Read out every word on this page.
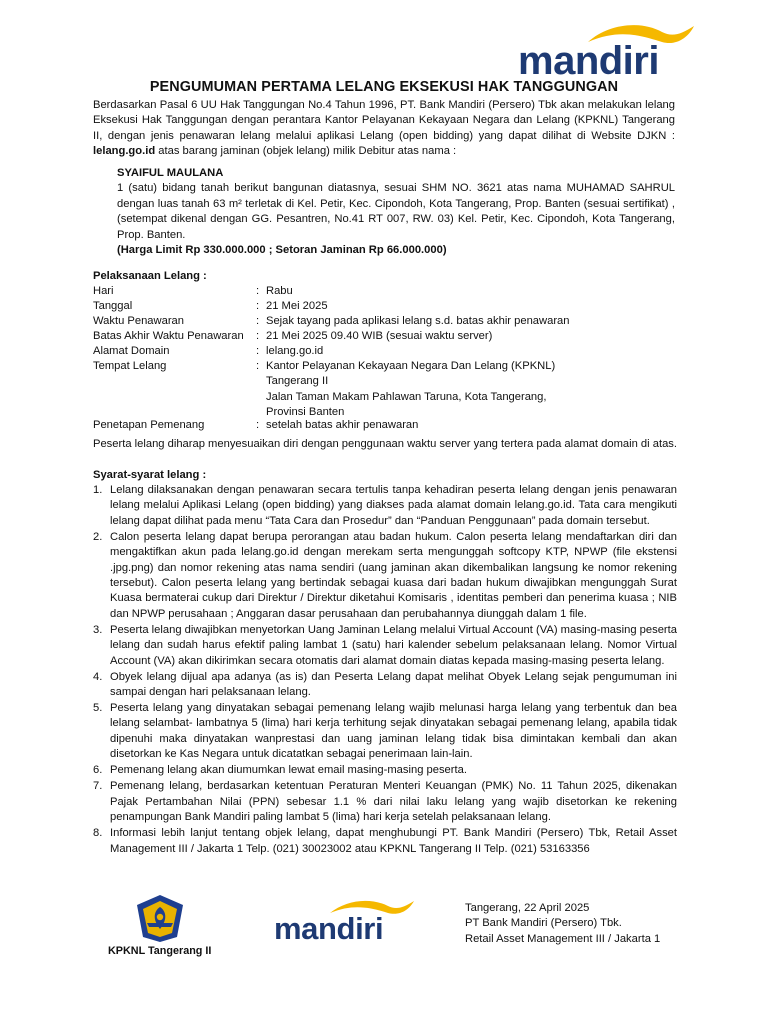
mandiri
PENGUMUMAN PERTAMA LELANG EKSEKUSI HAK TANGGUNGAN

Berdasarkan Pasal 6 UU Hak Tanggungan No.4 Tahun 1996, PT. Bank Mandiri (Persero) Tbk akan melakukan lelang Eksekusi Hak Tanggungan dengan perantara Kantor Pelayanan Kekayaan Negara dan Lelang (KPKNL) Tangerang II, dengan jenis penawaran lelang melalui aplikasi Lelang (open bidding) yang dapat dilihat di Website DJKN : lelang.go.id atas barang jaminan (objek lelang) milik Debitur atas nama :

SYAIFUL MAULANA
1 (satu) bidang tanah berikut bangunan diatasnya, sesuai SHM NO. 3621 atas nama MUHAMAD SAHRUL dengan luas tanah 63 m² terletak di Kel. Petir, Kec. Cipondoh, Kota Tangerang, Prop. Banten (sesuai sertifikat) , (setempat dikenal dengan GG. Pesantren, No.41 RT 007, RW. 03) Kel. Petir, Kec. Cipondoh, Kota Tangerang, Prop. Banten.
(Harga Limit Rp 330.000.000 ; Setoran Jaminan Rp 66.000.000)
Pelaksanaan Lelang :
Hari	: Rabu
Tanggal	: 21 Mei 2025
Waktu Penawaran	: Sejak tayang pada aplikasi lelang s.d. batas akhir penawaran
Batas Akhir Waktu Penawaran	: 21 Mei 2025 09.40 WIB (sesuai waktu server)
Alamat Domain	: lelang.go.id
Tempat Lelang	: Kantor Pelayanan Kekayaan Negara Dan Lelang (KPKNL)
Tangerang II
Jalan Taman Makam Pahlawan Taruna, Kota Tangerang,
Provinsi Banten
Penetapan Pemenang	: setelah batas akhir penawaran

Peserta lelang diharap menyesuaikan diri dengan penggunaan waktu server yang tertera pada alamat domain di atas.

Syarat-syarat lelang :
1. Lelang dilaksanakan dengan penawaran secara tertulis tanpa kehadiran peserta lelang dengan jenis penawaran lelang melalui Aplikasi Lelang (open bidding) yang diakses pada alamat domain lelang.go.id. Tata cara mengikuti lelang dapat dilihat pada menu “Tata Cara dan Prosedur” dan “Panduan Penggunaan” pada domain tersebut.
2. Calon peserta lelang dapat berupa perorangan atau badan hukum. Calon peserta lelang mendaftarkan diri dan mengaktifkan akun pada lelang.go.id dengan merekam serta mengunggah softcopy KTP, NPWP (file ekstensi .jpg.png) dan nomor rekening atas nama sendiri (uang jaminan akan dikembalikan langsung ke nomor rekening tersebut). Calon peserta lelang yang bertindak sebagai kuasa dari badan hukum diwajibkan mengunggah Surat Kuasa bermaterai cukup dari Direktur / Direktur diketahui Komisaris , identitas pemberi dan penerima kuasa ; NIB dan NPWP perusahaan ; Anggaran dasar perusahaan dan perubahannya diunggah dalam 1 file.
3. Peserta lelang diwajibkan menyetorkan Uang Jaminan Lelang melalui Virtual Account (VA) masing-masing peserta lelang dan sudah harus efektif paling lambat 1 (satu) hari kalender sebelum pelaksanaan lelang. Nomor Virtual Account (VA) akan dikirimkan secara otomatis dari alamat domain diatas kepada masing-masing peserta lelang.
4. Obyek lelang dijual apa adanya (as is) dan Peserta Lelang dapat melihat Obyek Lelang sejak pengumuman ini sampai dengan hari pelaksanaan lelang.
5. Peserta lelang yang dinyatakan sebagai pemenang lelang wajib melunasi harga lelang yang terbentuk dan bea lelang selambat- lambatnya 5 (lima) hari kerja terhitung sejak dinyatakan sebagai pemenang lelang, apabila tidak dipenuhi maka dinyatakan wanprestasi dan uang jaminan lelang tidak bisa dimintakan kembali dan akan disetorkan ke Kas Negara untuk dicatatkan sebagai penerimaan lain-lain.
6. Pemenang lelang akan diumumkan lewat email masing-masing peserta.
7. Pemenang lelang, berdasarkan ketentuan Peraturan Menteri Keuangan (PMK) No. 11 Tahun 2025, dikenakan Pajak Pertambahan Nilai (PPN) sebesar 1.1 % dari nilai laku lelang yang wajib disetorkan ke rekening penampungan Bank Mandiri paling lambat 5 (lima) hari kerja setelah pelaksanaan lelang.
8. Informasi lebih lanjut tentang objek lelang, dapat menghubungi PT. Bank Mandiri (Persero) Tbk, Retail Asset Management III / Jakarta 1 Telp. (021) 30023002 atau KPKNL Tangerang II Telp. (021) 53163356
KPKNL Tangerang II
mandiri
Tangerang, 22 April 2025
PT Bank Mandiri (Persero) Tbk.
Retail Asset Management III / Jakarta 1
